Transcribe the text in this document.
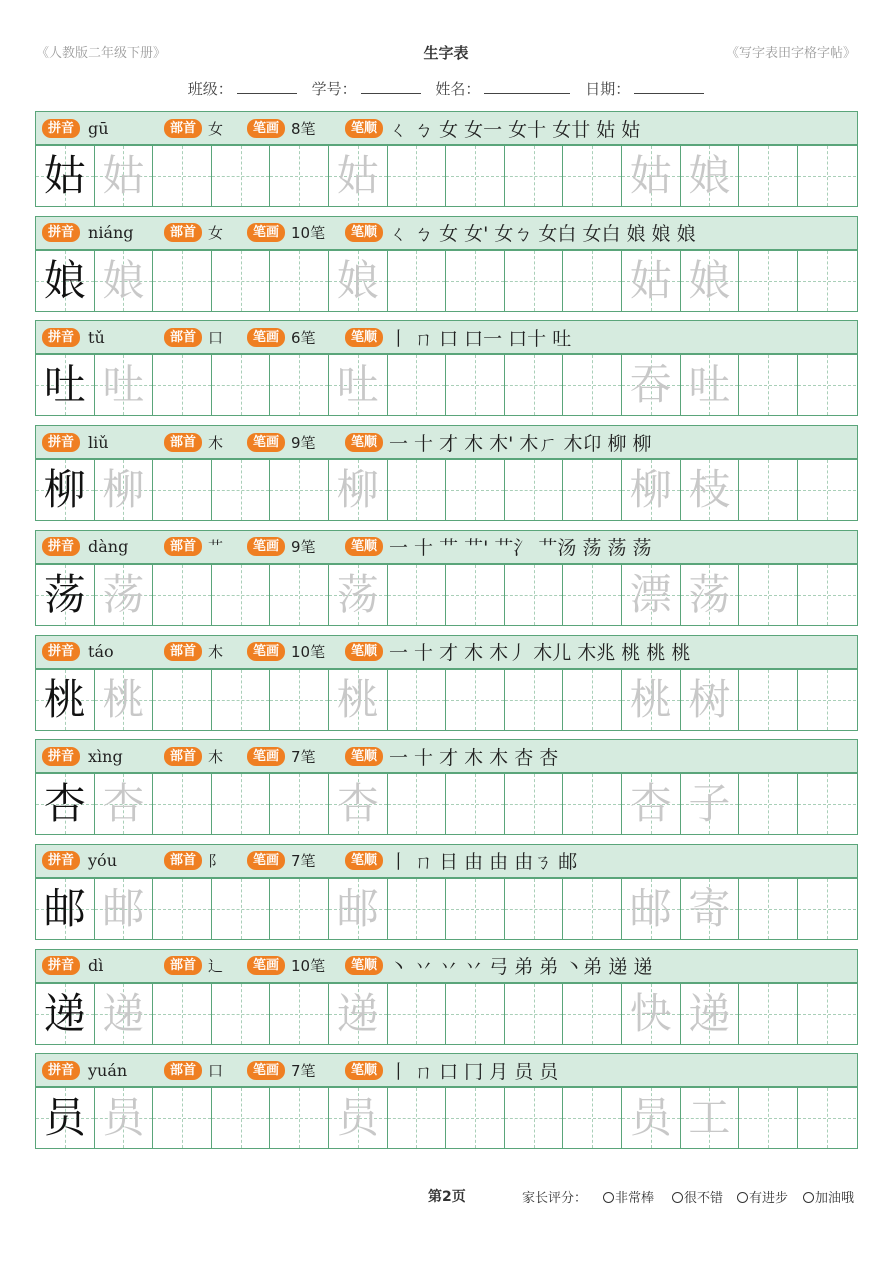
《人教版二年级下册》	生字表	《写字表田字格字帖》
班级：	学号：	姓名：	日期：
拼音 gū	部首 女	笔画 8笔	笔顺 ㄑ ㄅ 女 女一 女十 女廿 姑 姑
姑 姑	姑	姑 娘
拼音 niáng	部首 女	笔画 10笔	笔顺 ㄑ ㄅ 女 女' 女ㄅ 女白 女白 娘 娘 娘
娘 娘	娘	姑 娘
拼音 tǔ	部首 口	笔画 6笔	笔顺 丨 ㄇ 口 口一 口十 吐
吐 吐	吐	吞 吐
拼音 liǔ	部首 木	笔画 9笔	笔顺 一 十 才 木 木' 木ㄏ 木卬 柳 柳
柳 柳	柳	柳 枝
拼音 dàng	部首 艹	笔画 9笔	笔顺 一 十 艹 艹' 艹氵 艹汤 荡 荡 荡
荡 荡	荡	漂 荡
拼音 táo	部首 木	笔画 10笔	笔顺 一 十 才 木 木丿 木儿 木兆 桃 桃 桃
桃 桃	桃	桃 树
拼音 xìng	部首 木	笔画 7笔	笔顺 一 十 才 木 木 杏 杏
杏 杏	杏	杏 子
拼音 yóu	部首 阝	笔画 7笔	笔顺 丨 ㄇ 日 由 由 由ㄋ 邮
邮 邮	邮	邮 寄
拼音 dì	部首 辶	笔画 10笔	笔顺 丶 丷 丷 丷 弓 弟 弟 丶弟 递 递
递 递	递	快 递
拼音 yuán	部首 口	笔画 7笔	笔顺 丨 ㄇ 口 冂 月 员 员
员 员	员	员 工
第2页	家长评分：	非常棒	很不错	有进步	加油哦
